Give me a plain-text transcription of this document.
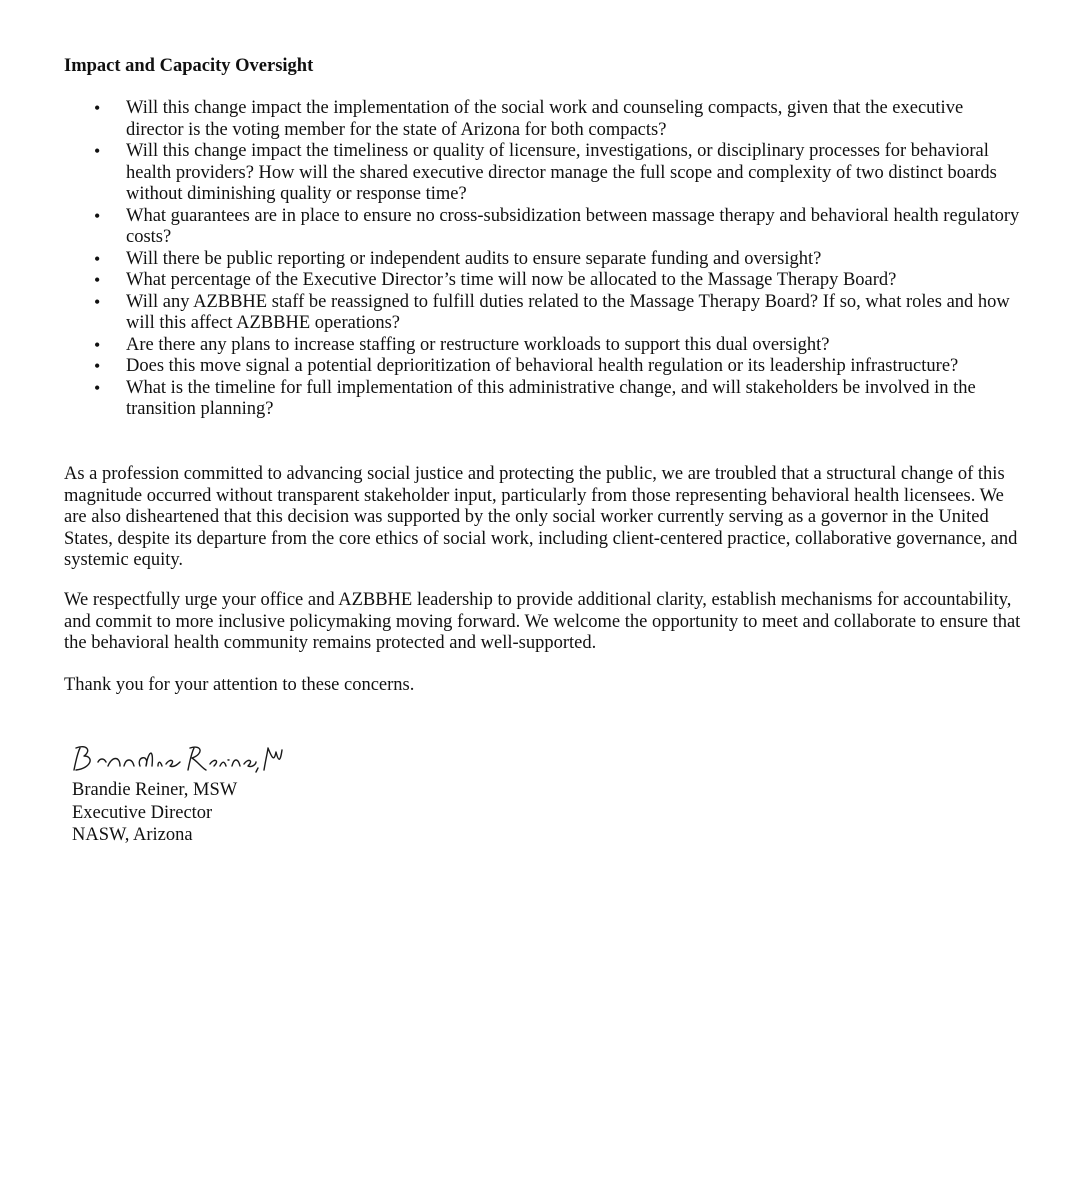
Impact and Capacity Oversight
•	Will this change impact the implementation of the social work and counseling compacts, given that the executive director is the voting member for the state of Arizona for both compacts?
•	Will this change impact the timeliness or quality of licensure, investigations, or disciplinary processes for behavioral health providers? How will the shared executive director manage the full scope and complexity of two distinct boards without diminishing quality or response time?
•	What guarantees are in place to ensure no cross-subsidization between massage therapy and behavioral health regulatory costs?
•	Will there be public reporting or independent audits to ensure separate funding and oversight?
•	What percentage of the Executive Director’s time will now be allocated to the Massage Therapy Board?
•	Will any AZBBHE staff be reassigned to fulfill duties related to the Massage Therapy Board? If so, what roles and how will this affect AZBBHE operations?
•	Are there any plans to increase staffing or restructure workloads to support this dual oversight?
•	Does this move signal a potential deprioritization of behavioral health regulation or its leadership infrastructure?
•	What is the timeline for full implementation of this administrative change, and will stakeholders be involved in the transition planning?

As a profession committed to advancing social justice and protecting the public, we are troubled that a structural change of this magnitude occurred without transparent stakeholder input, particularly from those representing behavioral health licensees. We are also disheartened that this decision was supported by the only social worker currently serving as a governor in the United States, despite its departure from the core ethics of social work, including client-centered practice, collaborative governance, and systemic equity.

We respectfully urge your office and AZBBHE leadership to provide additional clarity, establish mechanisms for accountability, and commit to more inclusive policymaking moving forward. We welcome the opportunity to meet and collaborate to ensure that the behavioral health community remains protected and well-supported.

Thank you for your attention to these concerns.

Brandie Reiner, MSW
Executive Director
NASW, Arizona
